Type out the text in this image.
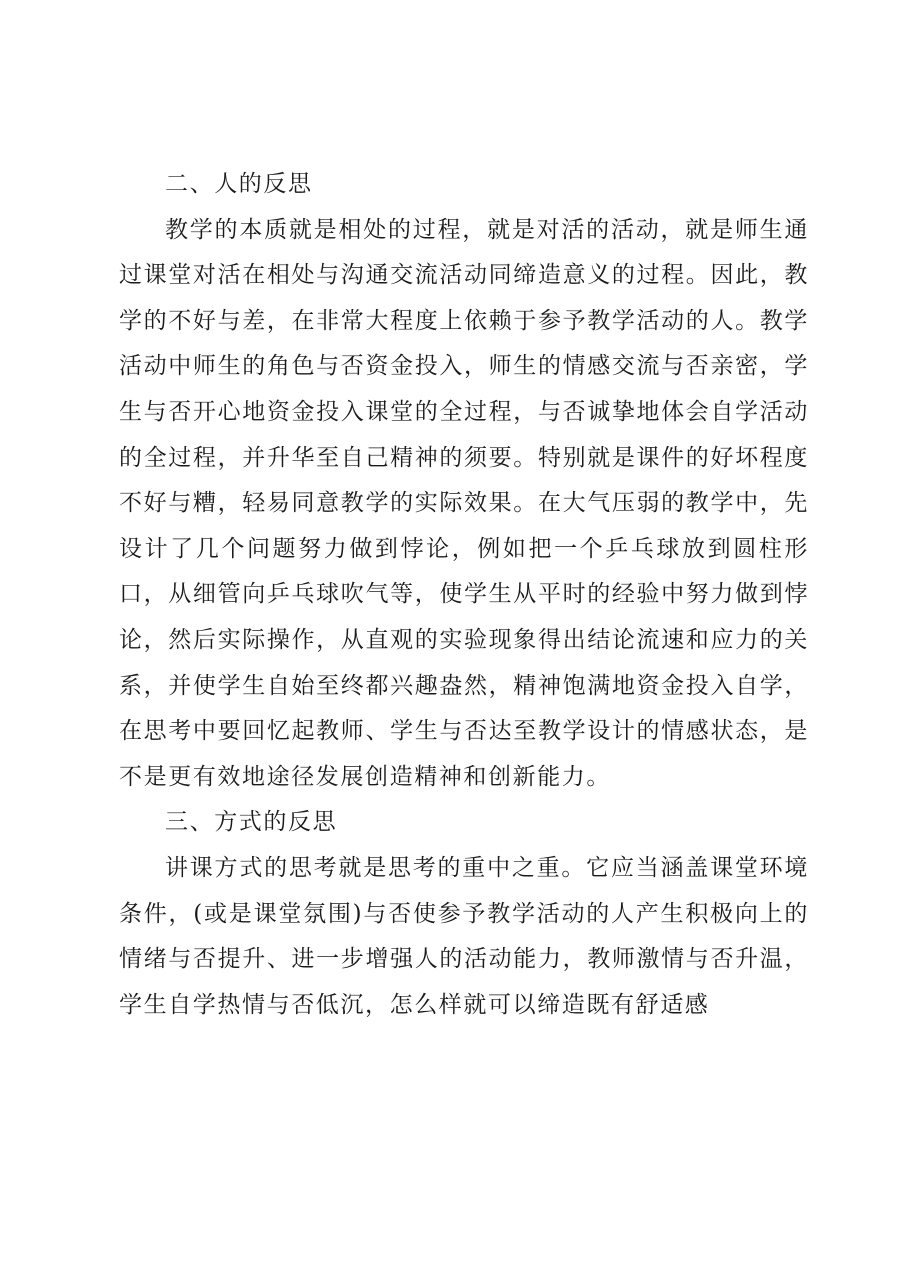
二、人的反思

教学的本质就是相处的过程，就是对活的活动，就是师生通过课堂对活在相处与沟通交流活动同缔造意义的过程。因此，教学的不好与差，在非常大程度上依赖于参予教学活动的人。教学活动中师生的角色与否资金投入，师生的情感交流与否亲密，学生与否开心地资金投入课堂的全过程，与否诚挚地体会自学活动的全过程，并升华至自己精神的须要。特别就是课件的好坏程度不好与糟，轻易同意教学的实际效果。在大气压弱的教学中，先设计了几个问题努力做到悖论，例如把一个乒乓球放到圆柱形口，从细管向乒乓球吹气等，使学生从平时的经验中努力做到悖论，然后实际操作，从直观的实验现象得出结论流速和应力的关系，并使学生自始至终都兴趣盎然，精神饱满地资金投入自学，在思考中要回忆起教师、学生与否达至教学设计的情感状态，是不是更有效地途径发展创造精神和创新能力。

三、方式的反思

讲课方式的思考就是思考的重中之重。它应当涵盖课堂环境条件，(或是课堂氛围)与否使参予教学活动的人产生积极向上的情绪与否提升、进一步增强人的活动能力，教师激情与否升温，学生自学热情与否低沉，怎么样就可以缔造既有舒适感
